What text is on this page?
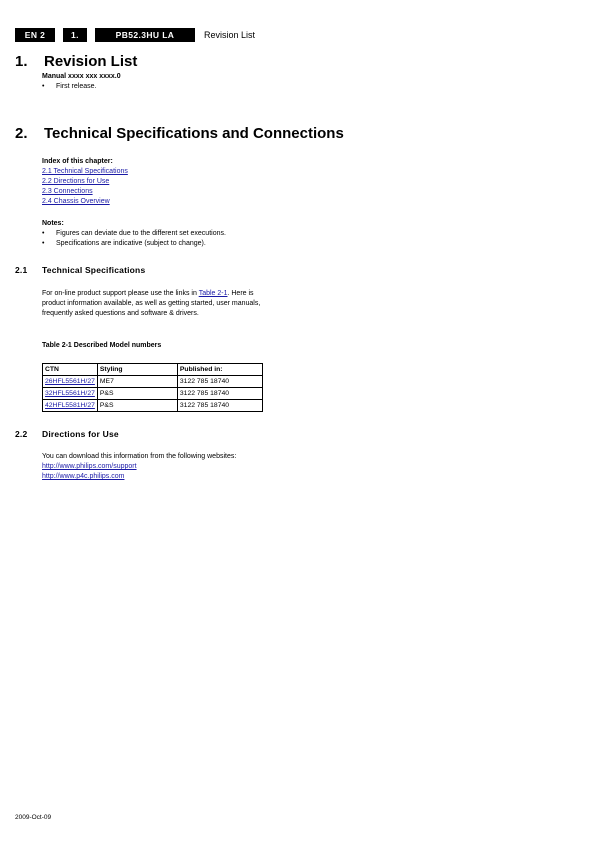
EN 2	1.	PB52.3HU LA	Revision List
1. Revision List
Manual xxxx xxx xxxx.0
• First release.
2. Technical Specifications and Connections
Index of this chapter:
2.1 Technical Specifications
2.2 Directions for Use
2.3 Connections
2.4 Chassis Overview
Notes:
• Figures can deviate due to the different set executions.
• Specifications are indicative (subject to change).
2.1 Technical Specifications
For on-line product support please use the links in Table 2-1. Here is product information available, as well as getting started, user manuals, frequently asked questions and software & drivers.
Table 2-1 Described Model numbers
CTN	Styling	Published in:
26HFL5561H/27	ME7	3122 785 18740
32HFL5561H/27	P&S	3122 785 18740
42HFL5581H/27	P&S	3122 785 18740
2.2 Directions for Use
You can download this information from the following websites:
http://www.philips.com/support
http://www.p4c.philips.com
2009-Oct-09
